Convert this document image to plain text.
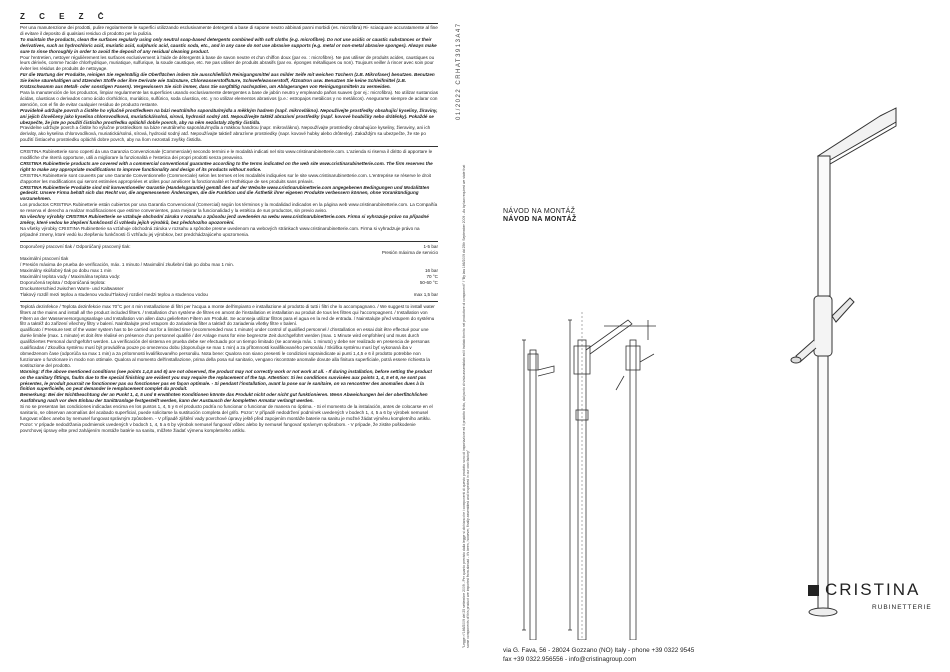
Z C E Z Č

Per una manutenzione dei prodotti, pulire regolarmente le superfici utilizzando esclusivamente detergenti a base di sapone neutro abbinati panni morbidi (es. microfibra) Ri- sciacquare accuratamente al fine di evitare il deposito di qualsiasi residuo di prodotto per la pulizia.

To maintain the products, clean the surfaces regularly using only neutral soap-based detergents combined with soft cloths (e.g. microfibre). Do not use acidic or caustic substances or their derivatives, such as hydrochloric acid, muriatic acid, sulphuric acid, caustic soda, etc., and in any case do not use abrasive supports (e.g. metal or non-metal abrasive sponges). Always make sure to rinse thoroughly in order to avoid the deposit of any residual cleaning product.

Pour l'entretien, nettoyer régulièrement les surfaces exclusivement à l'aide de détergents à base de savon neutre et d'un chiffon doux (par ex. : microfibre). Ne pas utiliser de produits acides, caustiques ou leurs dérivés, comme l'acide chlorhydrique, muriatique, sulfurique, la soude caustique, etc. Ne pas utiliser de produits abrasifs (par ex. éponges métalliques ou non). Toujours veiller à rincer avec soin pour éviter les résidus de produits de nettoyage.

Für die Wartung der Produkte, reinigen Sie regelmäßig die Oberflächen indem Sie ausschließlich Reinigungsmittel aus milder Seife mit weichen Tüchern (z.B. Mikrofaser) benutzen. Benutzen Sie keine säurehaltigen und ätzenden Stoffe oder ihre Derivate wie Salzsäure, Chlorwasserstoffsäure, Schwefelwasserstoff, Ätznatron usw. Benutzen Sie keine Schleifmittel (z.B. Kratzschwamm aus Metall- oder sonstigen Fasern). Vergewissern Sie sich immer, dass Sie sorgfältig nachspülen, um Ablagerungen von Reinigungsmitteln zu vermeiden.

Para la manutención de los productos, limpiar regularmente las superficies usando exclusivamente detergentes a base de jabón neutro y empleando paños suaves (por ej.: microfibra). No utilizar sustancias ácidas, cáusticas o derivados como ácido clorhídrico, muriático, sulfúrico, soda cáustica, etc. y no utilizar elementos abrasivos (p.e.: estropajos metálicos y no metálicos). Asegurarse siempre de aclarar con atención, con el fin de evitar cualquier residuo de producto restante.

Pravidelně udržujte povrch a čistěte ho výlučně prostředkem na bázi neutrálního saponátu/mýdla a měkkým hadrem (např. mikrovlákno). Nepoužívejte prostředky obsahující kyseliny, žíraviny, ani jejich člověčeny jako kyselina chlorovodíková, muriatická/solná, sírová, hydroxid sodný atd. Nepoužívejte taktéž abrazivní prostředky (např. kovové houbičky nebo drátěnky). Pokaždé se ubezpečte, že jste po použití čisticího prostředku opláchli dobře povrch, aby na něm nezůstaly zbytky čistidla.

Pravidelne udržujte povrch a čistite ho výlučne prostriedkom na báze neutrálneho saponátu/mydla a mäkkou handrou (napr. mikrovlákno). Nepoužívajte prostriedky obsahujúce kyseliny, žieraviny, ani ich deriváty, ako kyselina chlorovodíková, muriatická/solná, sírová, hydroxid sodný atď. Nepoužívajte taktiež abrazívne prostriedky (napr. kovové hubky alebo drôtenky). Zakaždým sa ubezpečte, že ste po použití čistiaceho prostriedku opláchli dobre povrch, aby na ňom nezostali zvyšky čistidla.

CRISTINA Rubinetterie sono coperti da una Garanzia Convenzionale (Commerciale) secondo termini e le modalità indicati nel sito www.cristinarubinetterie.com. L'azienda si riserva il diritto di apportare le modifiche che riterrà opportune, utili a migliorare la funzionalità e l'estetica dei propri prodotti senza preavviso.

CRISTINA Rubinetterie products are covered with a commercial conventional guarantee according to the terms indicated on the web site www.cristinarubinetterie.com. The firm reserves the right to make any appropriate modifications to improve functionality and design of its products without notice.

CRISTINA Rubinetterie sont couverts par une Garantie Conventionnelle (Commerciale) selon les termes et les modalités indiquées sur le site www.cristinarubinetterie.com. L'entreprise se réserve le droit d'apporter les modifications qui seront estimées appropriées et utiles pour améliorer la fonctionnalité et l'esthétique de ses produits sans préavis.

CRISTINA Rubinetterie Produkte sind mit konventioneller Garantie (Handelsgarantie) gemäß den auf der Website www.cristinarubinetterie.com angegebenen Bedingungen und Modalitäten gedeckt. Unsere Firma behält sich das Recht vor, die angemessenen Änderungen, die die Funktion und die Ästhetik ihrer eigenen Produkte verbessern können, ohne Vorankündigung vorzunehmen.

Los productos CRISTINA Rubinetterie están cubiertos por una Garantía Convencional (Comercial) según los términos y la modalidad indicados en la página web www.cristinarubinetterie.com. La Compañía se reserva el derecho a realizar modificaciones que estime convenientes, para mejorar la funcionalidad y la estética de sus productos, sin previo aviso.

Na všechny výrobky CRISTINA Rubinetterie se vztahuje obchodní záruka v rozsahu a způsobu jenž uvedeném na webu www.cristinarubinetterie.com. Firma si vyhrazuje právo na případné změny, které vedou ke zlepšení funkčnosti či vzhledu jejích výrobků, bez předchozího upozornění.

Na všetky výrobky CRISTINA Rubinetterie sa vzťahuje obchodná záruka v rozsahu a spôsobe presne uvedenom na webových stránkach www.cristinarubinetterie.com. Firma si vyhradzuje právo na prípadné zmeny, ktoré vedú ku zlepšeniu funkčnosti či vzhľadu jej výrobkov, bez predchádzajúceho upozornenia.

Doporučený pracovní tlak / Odporúčaný pracovný tlak:	1-5 bar
Presión máxima de servicio
Maximální pracovní tlak
/ Presión máxima de prueba de verificación, máx. 1 minuto / Maximální zkušební tlak po dobu max 1 min.
Maximálny skúšobný tlak po dobu max 1 min	16 bar
Maximální teplota vody / Maximálna teplota vody:	70 °C
Doporučená teplota / Odporúčaná teplota:	50-60 °C
Druckunterschied zwischen Warm- und Kaltwasser
Tlakový rozdíl mezi teplou a studenou vodou/Tlakový rozdiel medzi teplou a studenou vodou	max 1,5 bar

Teplotá dezinfekce / Teplota dezinfekcie max 70°C per 4 min Installazione di filtri per l'acqua a monte dell'impianto e installazione al prodotto di tutti i filtri che lo accompagnano. / We suggest to install water filters at the mains and install all the product included filters. / Installation d'un système de filtres en amont de l'installation et installation au produit de tous les filtres qui l'accompagnent. / Installation von Filtern an der Wasserversorgungsanlage und Installation von allen dazu gelieferten Filtern am Produkt. Se aconseja utilizar filtros para el agua en la red de entrada. / Nainstalujte před vstupem do systému filtr a taktéž do zařízení všechny filtry v balení. Nainštalujte pred vstupom do zariadenia filter a taktiež do zariadenia všetky filtre v balení.

qualificato / Pressure test of the water system has to be carried out for a limited time (recommended max 1 minute) under control of qualified personnel / d'installation en essai doit être effectué pour une durée limitée (max. 1 minute) et doit être réalisé en présence d'un personnel qualifié / der Anlage muss für eine begrenzte Zeit durchgeführt werden (max. 1 Minute wird empfohlen) und muss durch qualifiziertes Personal durchgeführt werden. La verificación del sistema en prueba debe ser efectuado por un tiempo limitado (se aconseja máx. 1 minuto) y debe ser realizado en presencia de personas cualificadas / Zkouška systému musí být prováděna pouze po omezenou dobu (doporučuje se max 1 min) a za přítomnosti kvalifikovaného personálu / Skúška systému musí byť vykonaná iba v obmedzenom čase (odporúča sa max 1 min) a za prítomnosti kvalifikovaného personálu. Nota bene: Qualora non siano presenti le condizioni sopraindicate ai punti 1,4,5 e 6 il prodotto potrebbe non funzionare o funzionare in modo non ottimale. Qualora al momento dell'installazione, prima della posa sul sanitario, vengano riscontrate anomalie dovute alla finitura superficiale, potrà essere richiesta la sostituzione del prodotto.

Warning: If the above mentioned conditions (see points 1,4,5 and 6) are not observed, the product may not correctly work or not work at all. - If during installation, before setting the product on the sanitary fittings, faults due to the special finishing are evident you may require the replacement of the tap. Attention: Si les conditions susvisées aux points 1, 4, 5 et 6, ne sont pas présentes, le produit pourrait ne fonctionner pas ou fonctionner pas en façon optimale. - Si pendant l'installation, avant la pose sur le sanitaire, on va rencontrer des anomalies dues à la finition superficielle, on peut demander le remplacement complet du produit.

Bemerkung: Bei der Nichtbeachtung der an Punkt 1, 4, 5 und 6 erwähnten Konditionen könnte das Produkt nicht oder nicht gut funktionieren. Wenn Abweichungen bei der oberflächlichen Ausführung nach vor dem Einbau der Sanitäranlage festgestellt werden, kann der Austausch der kompletten Armatur verlangt werden.

Si no se presentan las condiciones indicadas encima en los puntos 1, 4, 5 y 6 el producto podría no funcionar o funcionar de manera no óptima. - Si el momento de la instalación, antes de colocarse en el sanitario, se observan anomalías del acabado superficial, puede solicitarse la sustitución completa del grifo. Pozor: V případě nedodržení podmínek uvedených v bodech 1, 4, 5 a 6 by výrobek nemusel fungovat vůbec anebo by nemusel fungovat správným způsobem. - V případě zjištění vady povrchové úpravy ještě před zapojením montáže baterie na sanitu je možné žádat výměnu kompletního artiklu. Pozor: V prípade nedodržania podmienok uvedených v bodoch 1, 4, 5 a 6 by výrobok nemusel fungovať vôbec alebo by nemusel fungovať správnym spôsobom. - V prípade, že zistite poškodenie povrchovej úpravy ešte pred zahájením montáže batérie na sanitu, môžete žiadať výmenu kompletného artiklu.

01/2022 CRHAT3913A47
"Legge n°166/2009 del 25 settembre 2009 - Per quanto previsto dalla legge si dichiara che i componenti di questo prodotto sono di importazione ed il prodotto finito, dal punto di vista assemblato ed il trattato fornito nel produttore di componenti" / "By law 166/2009 dd 25th September 2009 - As by law required we state that some components of this product are imported from abroad - it's been, however, finally assembled and inspected in our own factory"
NÁVOD NA MONTÁŽ
NÁVOD NA MONTÁŽ
CRISTINA
RUBINETTERIE
via G. Fava, 56 - 28024 Gozzano (NO) Italy - phone +39 0322 9545
fax +39 0322.956556 - info@cristinagroup.com
